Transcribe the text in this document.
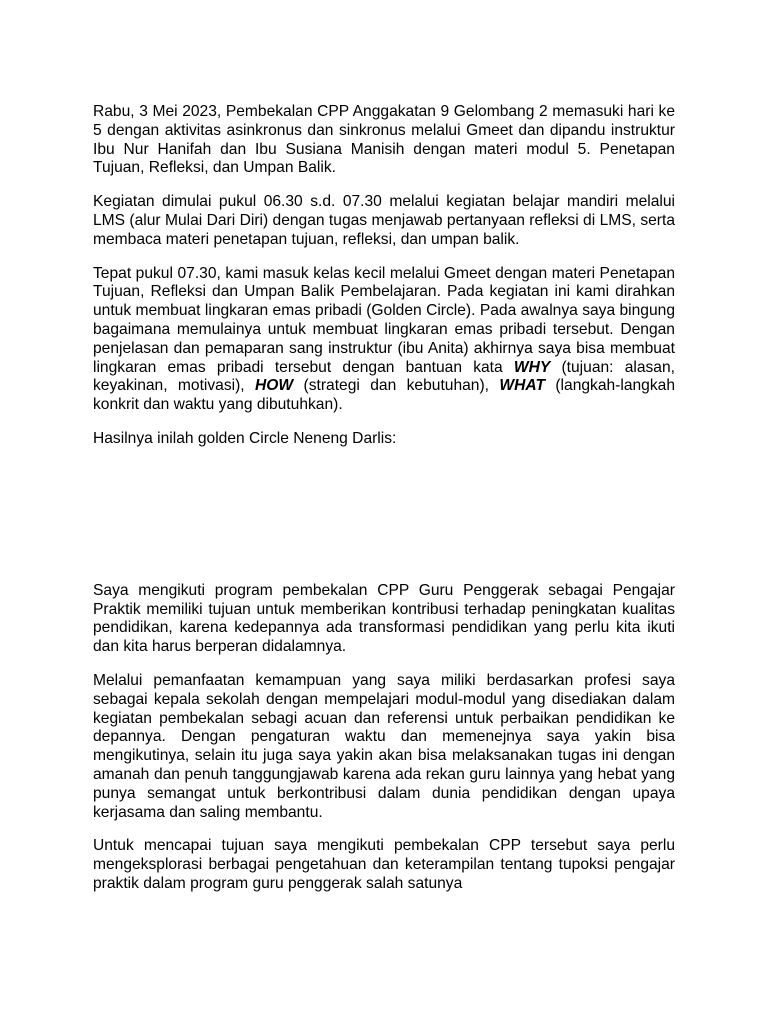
Rabu, 3 Mei 2023, Pembekalan CPP Anggakatan 9 Gelombang 2 memasuki hari ke 5 dengan aktivitas asinkronus dan sinkronus melalui Gmeet dan dipandu instruktur Ibu Nur Hanifah dan Ibu Susiana Manisih dengan materi modul 5. Penetapan Tujuan, Refleksi, dan Umpan Balik.

Kegiatan dimulai pukul 06.30 s.d. 07.30 melalui kegiatan belajar mandiri melalui LMS (alur Mulai Dari Diri) dengan tugas menjawab pertanyaan refleksi di LMS, serta membaca materi penetapan tujuan, refleksi, dan umpan balik.

Tepat pukul 07.30, kami masuk kelas kecil melalui Gmeet dengan materi Penetapan Tujuan, Refleksi dan Umpan Balik Pembelajaran. Pada kegiatan ini kami dirahkan untuk membuat lingkaran emas pribadi (Golden Circle). Pada awalnya saya bingung bagaimana memulainya untuk membuat lingkaran emas pribadi tersebut. Dengan penjelasan dan pemaparan sang instruktur (ibu Anita) akhirnya saya bisa membuat lingkaran emas pribadi tersebut dengan bantuan kata WHY (tujuan: alasan, keyakinan, motivasi), HOW (strategi dan kebutuhan), WHAT (langkah-langkah konkrit dan waktu yang dibutuhkan).

Hasilnya inilah golden Circle Neneng Darlis:

Saya mengikuti program pembekalan CPP Guru Penggerak sebagai Pengajar Praktik memiliki tujuan untuk memberikan kontribusi terhadap peningkatan kualitas pendidikan, karena kedepannya ada transformasi pendidikan yang perlu kita ikuti dan kita harus berperan didalamnya.

Melalui pemanfaatan kemampuan yang saya miliki berdasarkan profesi saya sebagai kepala sekolah dengan mempelajari modul-modul yang disediakan dalam kegiatan pembekalan sebagi acuan dan referensi untuk perbaikan pendidikan ke depannya. Dengan pengaturan waktu dan memenejnya saya yakin bisa mengikutinya, selain itu juga saya yakin akan bisa melaksanakan tugas ini dengan amanah dan penuh tanggungjawab karena ada rekan guru lainnya yang hebat yang punya semangat untuk berkontribusi dalam dunia pendidikan dengan upaya kerjasama dan saling membantu.

Untuk mencapai tujuan saya mengikuti pembekalan CPP tersebut saya perlu mengeksplorasi berbagai pengetahuan dan keterampilan tentang tupoksi pengajar praktik dalam program guru penggerak salah satunya
